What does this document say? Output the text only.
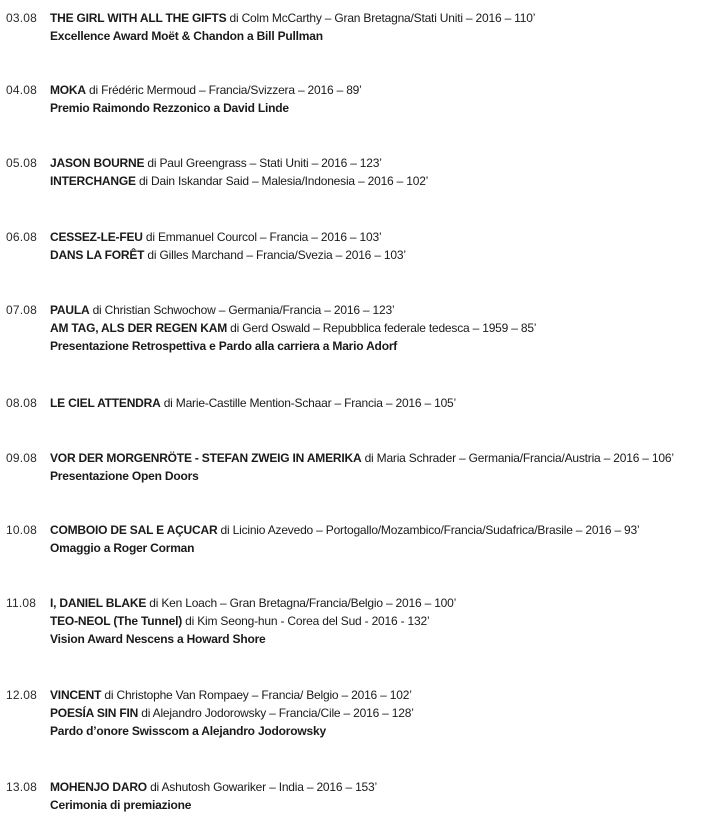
03.08 THE GIRL WITH ALL THE GIFTS di Colm McCarthy – Gran Bretagna/Stati Uniti – 2016 – 110’
Excellence Award Moët & Chandon a Bill Pullman
04.08 MOKA di Frédéric Mermoud – Francia/Svizzera – 2016 – 89’
Premio Raimondo Rezzonico a David Linde
05.08 JASON BOURNE di Paul Greengrass – Stati Uniti – 2016 – 123’
INTERCHANGE di Dain Iskandar Said – Malesia/Indonesia – 2016 – 102’
06.08 CESSEZ-LE-FEU di Emmanuel Courcol – Francia – 2016 – 103’
DANS LA FORÊT di Gilles Marchand – Francia/Svezia – 2016 – 103’
07.08 PAULA di Christian Schwochow – Germania/Francia – 2016 – 123’
AM TAG, ALS DER REGEN KAM di Gerd Oswald – Repubblica federale tedesca – 1959 – 85’
Presentazione Retrospettiva e Pardo alla carriera a Mario Adorf
08.08 LE CIEL ATTENDRA di Marie-Castille Mention-Schaar – Francia – 2016 – 105’
09.08 VOR DER MORGENRÖTE - STEFAN ZWEIG IN AMERIKA di Maria Schrader – Germania/Francia/Austria – 2016 – 106’
Presentazione Open Doors
10.08 COMBOIO DE SAL E AÇUCAR di Licinio Azevedo – Portogallo/Mozambico/Francia/Sudafrica/Brasile – 2016 – 93’
Omaggio a Roger Corman
11.08 I, DANIEL BLAKE di Ken Loach – Gran Bretagna/Francia/Belgio – 2016 – 100’
TEO-NEOL (The Tunnel) di Kim Seong-hun - Corea del Sud - 2016 - 132’
Vision Award Nescens a Howard Shore
12.08 VINCENT di Christophe Van Rompaey – Francia/ Belgio – 2016 – 102’
POESÍA SIN FIN di Alejandro Jodorowsky – Francia/Cile – 2016 – 128’
Pardo d’onore Swisscom a Alejandro Jodorowsky
13.08 MOHENJO DARO di Ashutosh Gowariker – India – 2016 – 153’
Cerimonia di premiazione
